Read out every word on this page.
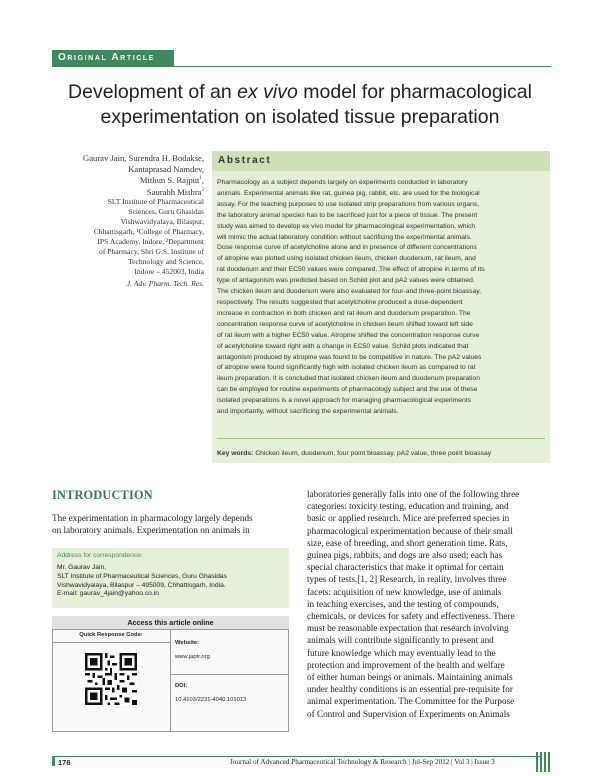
Original Article
Development of an ex vivo model for pharmacological
experimentation on isolated tissue preparation
Gaurav Jain, Surendra H. Bodakse,
Kantaprasad Namdev,
Mithun S. Rajput$^1$,
Saurabh Mishra$^2$
SLT Institute of Pharmaceutical
Sciences, Guru Ghasidas
Vishwavidyalaya, Bilaspur,
Chhattisgarh, ¹College of Pharmacy,
IPS Academy, Indore, ²Department
of Pharmacy, Shri G.S. Institute of
Technology and Science,
Indore – 452003, India
J. Adv. Pharm. Tech. Res.
Abstract
Pharmacology as a subject depends largely on experiments conducted in laboratory
animals. Experimental animals like rat, guinea pig, rabbit, etc. are used for the biological
assay. For the teaching purposes to use isolated strip preparations from various organs,
the laboratory animal species has to be sacrificed just for a piece of tissue. The present
study was aimed to develop ex vivo model for pharmacological experimentation, which
will mimic the actual laboratory condition without sacrificing the experimental animals.
Dose response curve of acetylcholine alone and in presence of different concentrations
of atropine was plotted using isolated chicken ileum, chicken duodenum, rat ileum, and
rat duodenum and their EC50 values were compared. The effect of atropine in terms of its
type of antagonism was predicted based on Schild plot and pA2 values were obtained.
The chicken ileum and duodenum were also evaluated for four-and three-point bioassay,
respectively. The results suggested that acetylcholine produced a dose-dependent
increase in contraction in both chicken and rat ileum and duodenum preparation. The
concentration response curve of acetylcholine in chicken ileum shifted toward left side
of rat ileum with a higher EC50 value. Atropine shifted the concentration response curve
of acetylcholine toward right with a change in EC50 value. Schild plots indicated that
antagonism produced by atropine was found to be competitive in nature. The pA2 values
of atropine were found significantly high with isolated chicken ileum as compared to rat
ileum preparation. It is concluded that isolated chicken ileum and duodenum preparation
can be employed for routine experiments of pharmacology subject and the use of these
isolated preparations is a novel approach for managing pharmacological experiments
and importantly, without sacrificing the experimental animals.
Key words: Chicken ileum, duodenum, four point bioassay, pA2 value, three point bioassay
INTRODUCTION
The experimentation in pharmacology largely depends
on laboratory animals. Experimentation on animals in
Address for correspondence:
Mr. Gaurav Jain,
SLT Institute of Pharmaceutical Sciences, Guru Ghasidas
Vishwavidyalaya, Bilaspur – 495009, Chhattisgarh, India.
E-mail: gaurav_4jain@yahoo.co.in
Access this article online
Quick Response Code:
Website:
www.japtr.org
DOI:
10.4103/2231-4040.101013
laboratories generally falls into one of the following three
categories: toxicity testing, education and training, and
basic or applied research. Mice are preferred species in
pharmacological experimentation because of their small
size, ease of breeding, and short generation time. Rats,
guinea pigs, rabbits, and dogs are also used; each has
special characteristics that make it optimal for certain
types of tests.[1, 2] Research, in reality, involves three
facets: acquisition of new knowledge, use of animals
in teaching exercises, and the testing of compounds,
chemicals, or devices for safety and effectiveness. There
must be reasonable expectation that research involving
animals will contribute significantly to present and
future knowledge which may eventually lead to the
protection and improvement of the health and welfare
of either human beings or animals. Maintaining animals
under healthy conditions is an essential pre-requisite for
animal experimentation. The Committee for the Purpose
of Control and Supervision of Experiments on Animals
176	Journal of Advanced Pharmaceutical Technology & Research | Jul-Sep 2012 | Vol 3 | Issue 3
